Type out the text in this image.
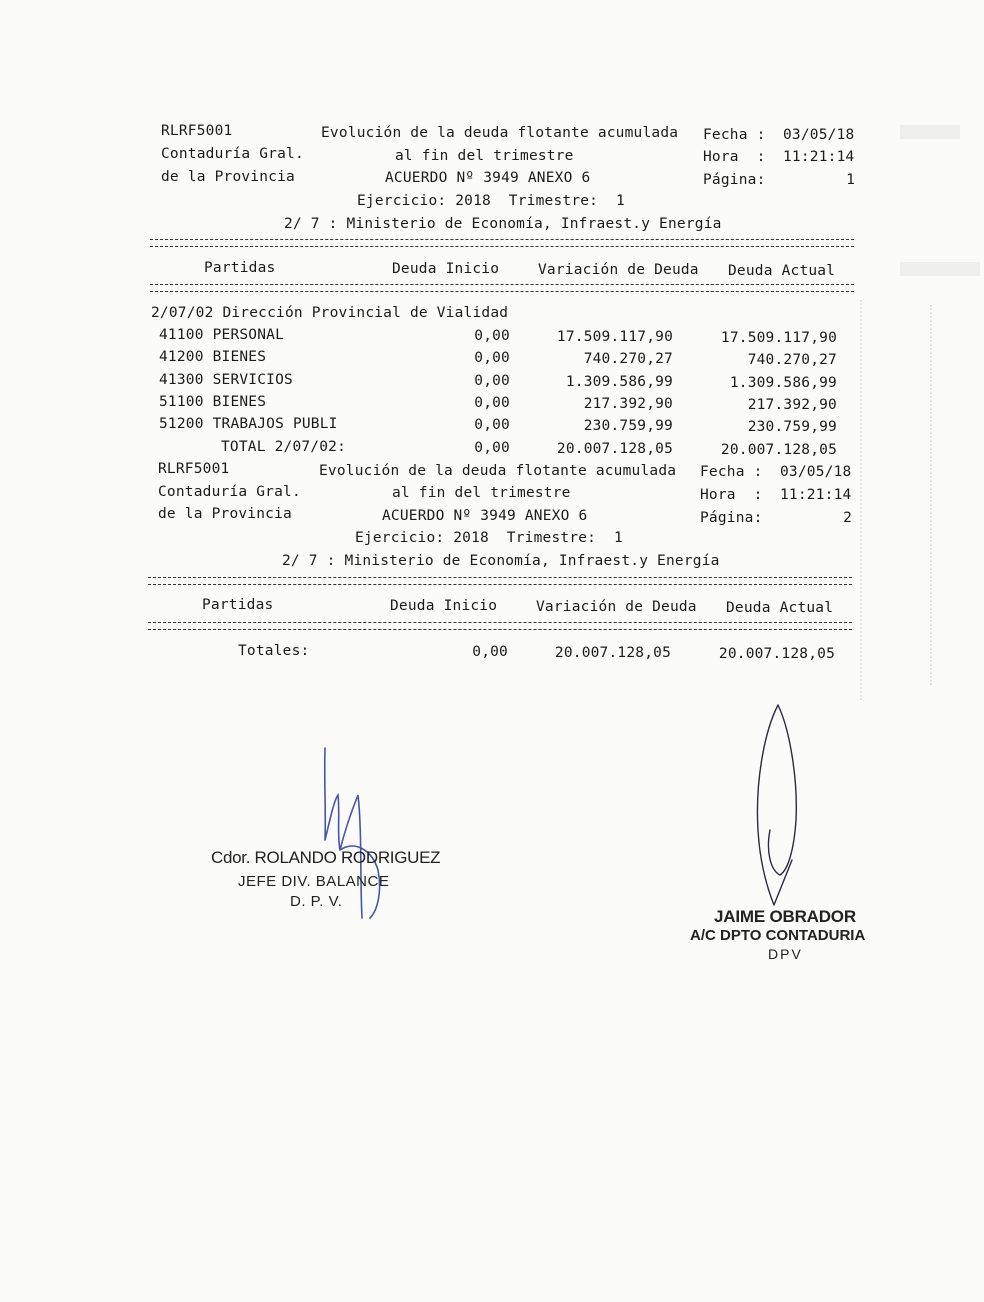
RLRF5001
Contaduría Gral.
de la Provincia
Evolución de la deuda flotante acumulada
al fin del trimestre
ACUERDO Nº 3949 ANEXO 6
Fecha : 03/05/18
Hora  : 11:21:14
Página:	1
Ejercicio: 2018  Trimestre:  1
2/ 7 : Ministerio de Economía, Infraest.y Energía
Partidas	Deuda Inicio	Variación de Deuda Deuda Actual
2/07/02 Dirección Provincial de Vialidad
41100 PERSONAL	0,00	17.509.117,90	17.509.117,90
41200 BIENES	0,00	740.270,27	740.270,27
41300 SERVICIOS	0,00	1.309.586,99	1.309.586,99
51100 BIENES	0,00	217.392,90	217.392,90
51200 TRABAJOS PUBLI	0,00	230.759,99	230.759,99
TOTAL 2/07/02:	0,00	20.007.128,05	20.007.128,05
RLRF5001
Contaduría Gral.
de la Provincia
Evolución de la deuda flotante acumulada
al fin del trimestre
ACUERDO Nº 3949 ANEXO 6
Fecha : 03/05/18
Hora  : 11:21:14
Página:	2
Ejercicio: 2018  Trimestre:  1
2/ 7 : Ministerio de Economía, Infraest.y Energía
Partidas	Deuda Inicio	Variación de Deuda Deuda Actual
Totales:	0,00	20.007.128,05	20.007.128,05
Cdor. ROLANDO RODRIGUEZ
JEFE DIV. BALANCE
D. P. V.
JAIME OBRADOR
A/C DPTO CONTADURIA
DPV
